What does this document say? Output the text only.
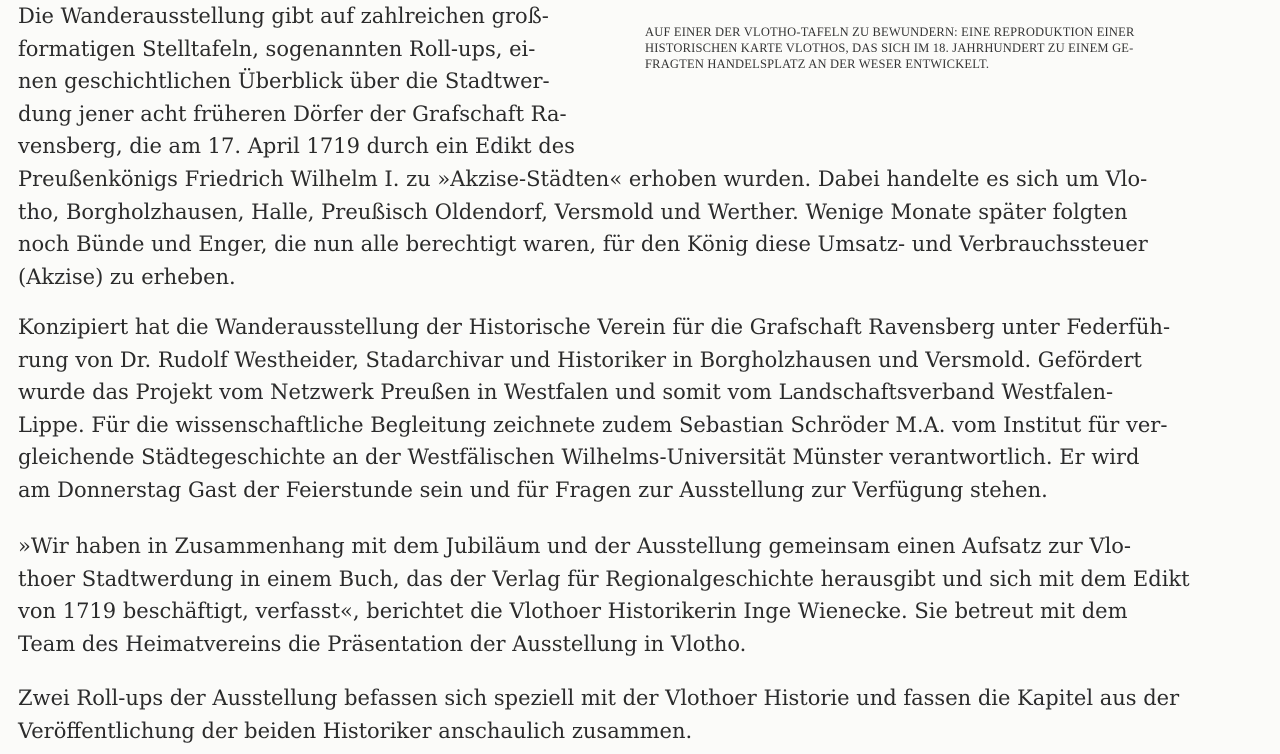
AUF EINER DER VLOTHO-TAFELN ZU BEWUNDERN: EINE REPRODUKTION EINER
HISTORISCHEN KARTE VLOTHOS, DAS SICH IM 18. JAHRHUNDERT ZU EINEM GE-
FRAGTEN HANDELSPLATZ AN DER WESER ENTWICKELT.
Die Wanderausstellung gibt auf zahlreichen groß-
formatigen Stelltafeln, sogenannten Roll-ups, ei-
nen geschichtlichen Überblick über die Stadtwer-
dung jener acht früheren Dörfer der Grafschaft Ra-
vensberg, die am 17. April 1719 durch ein Edikt des
Preußenkönigs Friedrich Wilhelm I. zu »Akzise-Städten« erhoben wurden. Dabei handelte es sich um Vlo-
tho, Borgholzhausen, Halle, Preußisch Oldendorf, Versmold und Werther. Wenige Monate später folgten
noch Bünde und Enger, die nun alle berechtigt waren, für den König diese Umsatz- und Verbrauchssteuer
(Akzise) zu erheben.
Konzipiert hat die Wanderausstellung der Historische Verein für die Grafschaft Ravensberg unter Federfüh-
rung von Dr. Rudolf Westheider, Stadarchivar und Historiker in Borgholzhausen und Versmold. Gefördert
wurde das Projekt vom Netzwerk Preußen in Westfalen und somit vom Landschaftsverband Westfalen-
Lippe. Für die wissenschaftliche Begleitung zeichnete zudem Sebastian Schröder M.A. vom Institut für ver-
gleichende Städtegeschichte an der Westfälischen Wilhelms-Universität Münster verantwortlich. Er wird
am Donnerstag Gast der Feierstunde sein und für Fragen zur Ausstellung zur Verfügung stehen.
»Wir haben in Zusammenhang mit dem Jubiläum und der Ausstellung gemeinsam einen Aufsatz zur Vlo-
thoer Stadtwerdung in einem Buch, das der Verlag für Regionalgeschichte herausgibt und sich mit dem Edikt
von 1719 beschäftigt, verfasst«, berichtet die Vlothoer Historikerin Inge Wienecke. Sie betreut mit dem
Team des Heimatvereins die Präsentation der Ausstellung in Vlotho.
Zwei Roll-ups der Ausstellung befassen sich speziell mit der Vlothoer Historie und fassen die Kapitel aus der
Veröffentlichung der beiden Historiker anschaulich zusammen.
